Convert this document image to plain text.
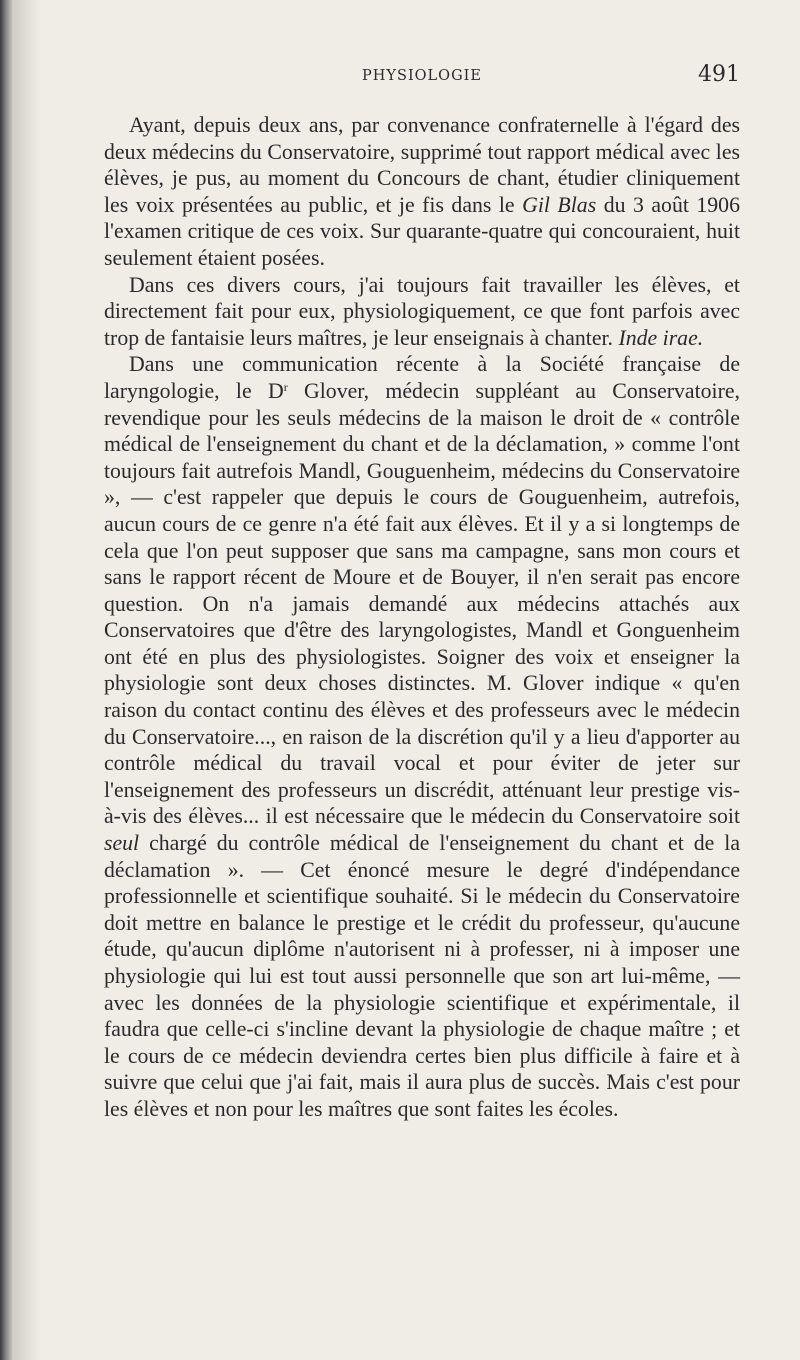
PHYSIOLOGIE	491

Ayant, depuis deux ans, par convenance confraternelle à l'égard des deux médecins du Conservatoire, supprimé tout rapport médical avec les élèves, je pus, au moment du Concours de chant, étudier cliniquement les voix présentées au public, et je fis dans le Gil Blas du 3 août 1906 l'examen critique de ces voix. Sur quarante-quatre qui concouraient, huit seulement étaient posées.

Dans ces divers cours, j'ai toujours fait travailler les élèves, et directement fait pour eux, physiologiquement, ce que font parfois avec trop de fantaisie leurs maîtres, je leur enseignais à chanter. Inde irae.

Dans une communication récente à la Société française de laryngologie, le $D^r$ Glover, médecin suppléant au Conservatoire, revendique pour les seuls médecins de la maison le droit de « contrôle médical de l'enseignement du chant et de la déclamation, » comme l'ont toujours fait autrefois Mandl, Gouguenheim, médecins du Conservatoire », — c'est rappeler que depuis le cours de Gouguenheim, autrefois, aucun cours de ce genre n'a été fait aux élèves. Et il y a si longtemps de cela que l'on peut supposer que sans ma campagne, sans mon cours et sans le rapport récent de Moure et de Bouyer, il n'en serait pas encore question. On n'a jamais demandé aux médecins attachés aux Conservatoires que d'être des laryngologistes, Mandl et Gonguenheim ont été en plus des physiologistes. Soigner des voix et enseigner la physiologie sont deux choses distinctes. M. Glover indique « qu'en raison du contact continu des élèves et des professeurs avec le médecin du Conservatoire..., en raison de la discrétion qu'il y a lieu d'apporter au contrôle médical du travail vocal et pour éviter de jeter sur l'enseignement des professeurs un discrédit, atténuant leur prestige vis-à-vis des élèves... il est nécessaire que le médecin du Conservatoire soit seul chargé du contrôle médical de l'enseignement du chant et de la déclamation ». — Cet énoncé mesure le degré d'indépendance professionnelle et scientifique souhaité. Si le médecin du Conservatoire doit mettre en balance le prestige et le crédit du professeur, qu'aucune étude, qu'aucun diplôme n'autorisent ni à professer, ni à imposer une physiologie qui lui est tout aussi personnelle que son art lui-même, — avec les données de la physiologie scientifique et expérimentale, il faudra que celle-ci s'incline devant la physiologie de chaque maître ; et le cours de ce médecin deviendra certes bien plus difficile à faire et à suivre que celui que j'ai fait, mais il aura plus de succès. Mais c'est pour les élèves et non pour les maîtres que sont faites les écoles.
